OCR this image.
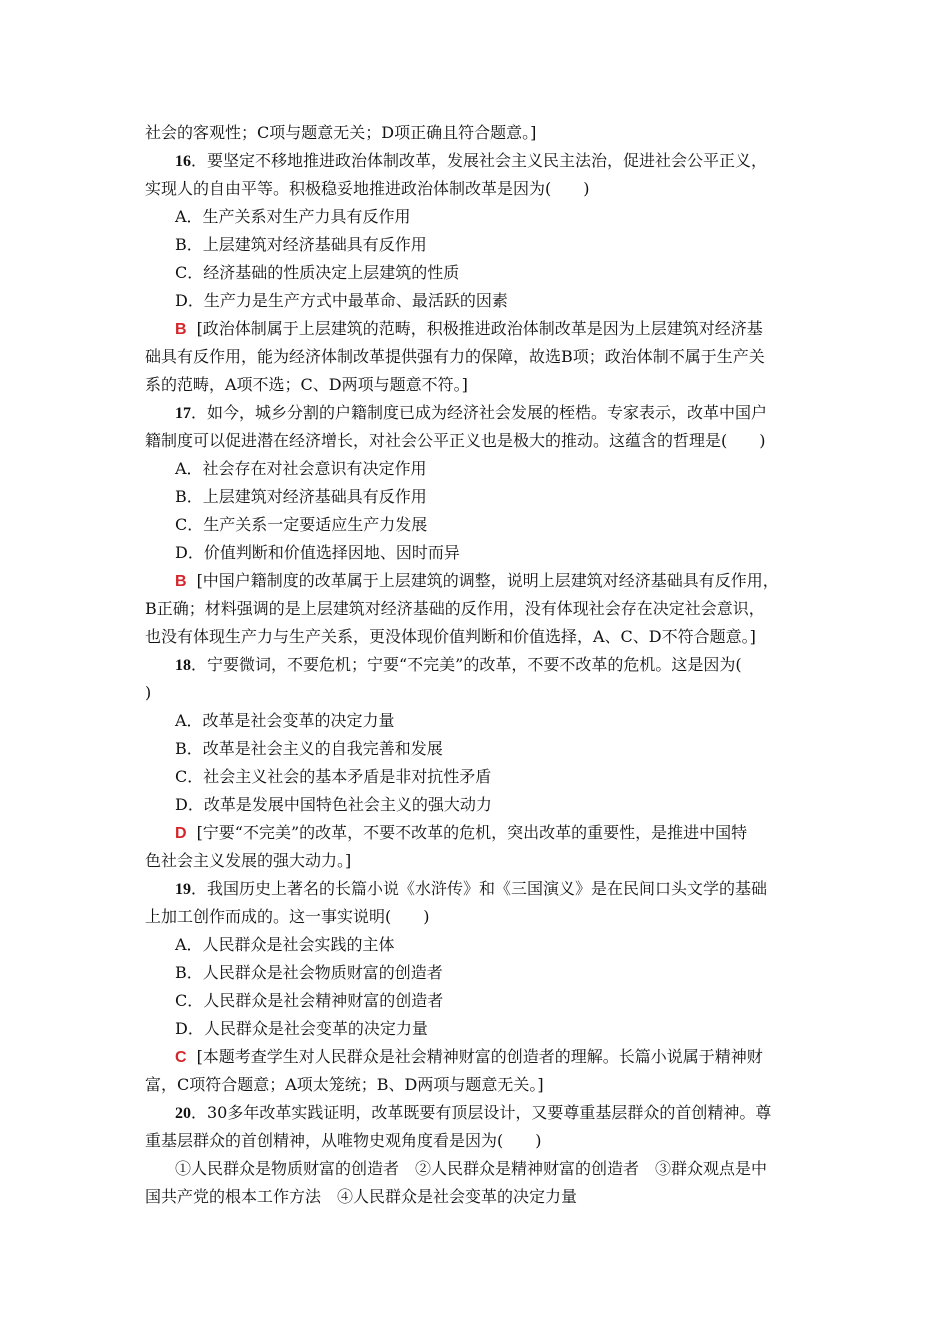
社会的客观性；C项与题意无关；D项正确且符合题意。]
16．要坚定不移地推进政治体制改革，发展社会主义民主法治，促进社会公平正义，
实现人的自由平等。积极稳妥地推进政治体制改革是因为(　　)
A．生产关系对生产力具有反作用
B．上层建筑对经济基础具有反作用
C．经济基础的性质决定上层建筑的性质
D．生产力是生产方式中最革命、最活跃的因素
B [政治体制属于上层建筑的范畴，积极推进政治体制改革是因为上层建筑对经济基
础具有反作用，能为经济体制改革提供强有力的保障，故选B项；政治体制不属于生产关
系的范畴，A项不选；C、D两项与题意不符。]
17．如今，城乡分割的户籍制度已成为经济社会发展的桎梏。专家表示，改革中国户
籍制度可以促进潜在经济增长，对社会公平正义也是极大的推动。这蕴含的哲理是(　　)
A．社会存在对社会意识有决定作用
B．上层建筑对经济基础具有反作用
C．生产关系一定要适应生产力发展
D．价值判断和价值选择因地、因时而异
B [中国户籍制度的改革属于上层建筑的调整，说明上层建筑对经济基础具有反作用，
B正确；材料强调的是上层建筑对经济基础的反作用，没有体现社会存在决定社会意识，
也没有体现生产力与生产关系，更没体现价值判断和价值选择，A、C、D不符合题意。]
18．宁要微词，不要危机；宁要“不完美”的改革，不要不改革的危机。这是因为(
)
A．改革是社会变革的决定力量
B．改革是社会主义的自我完善和发展
C．社会主义社会的基本矛盾是非对抗性矛盾
D．改革是发展中国特色社会主义的强大动力
D [宁要“不完美”的改革，不要不改革的危机，突出改革的重要性，是推进中国特
色社会主义发展的强大动力。]
19．我国历史上著名的长篇小说《水浒传》和《三国演义》是在民间口头文学的基础
上加工创作而成的。这一事实说明(　　)
A．人民群众是社会实践的主体
B．人民群众是社会物质财富的创造者
C．人民群众是社会精神财富的创造者
D．人民群众是社会变革的决定力量
C [本题考查学生对人民群众是社会精神财富的创造者的理解。长篇小说属于精神财
富，C项符合题意；A项太笼统；B、D两项与题意无关。]
20．30多年改革实践证明，改革既要有顶层设计，又要尊重基层群众的首创精神。尊
重基层群众的首创精神，从唯物史观角度看是因为(　　)
①人民群众是物质财富的创造者　②人民群众是精神财富的创造者　③群众观点是中
国共产党的根本工作方法　④人民群众是社会变革的决定力量
